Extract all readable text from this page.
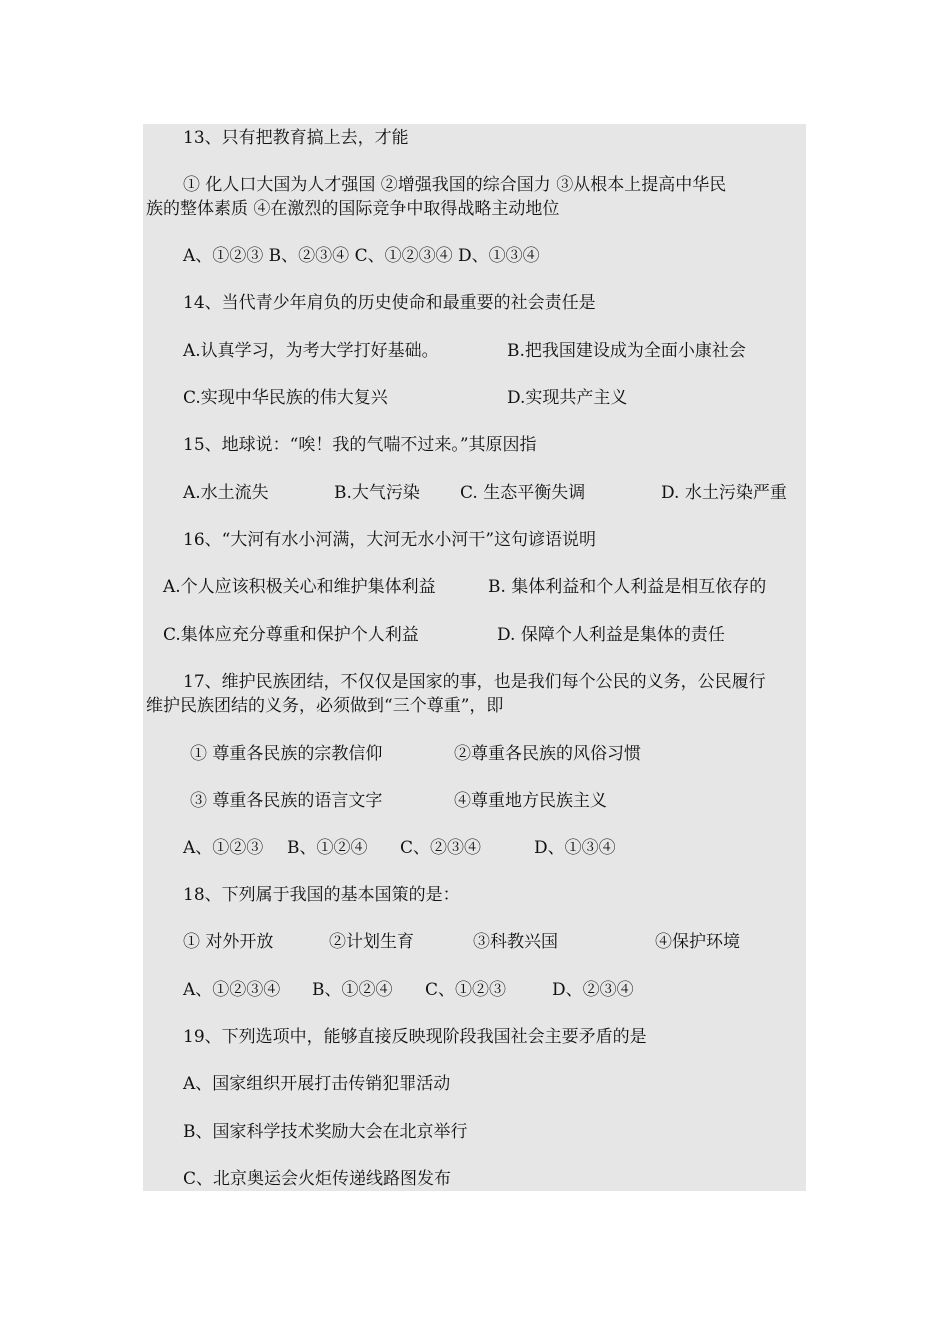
13、只有把教育搞上去，才能
① 化人口大国为人才强国 ②增强我国的综合国力 ③从根本上提高中华民
族的整体素质 ④在激烈的国际竞争中取得战略主动地位
A、①②③ B、②③④ C、①②③④ D、①③④
14、当代青少年肩负的历史使命和最重要的社会责任是
A.认真学习，为考大学打好基础。	B.把我国建设成为全面小康社会
C.实现中华民族的伟大复兴	D.实现共产主义
15、地球说：“唉！我的气喘不过来。”其原因指
A.水土流失	B.大气污染 C. 生态平衡失调	D. 水土污染严重
16、“大河有水小河满，大河无水小河干”这句谚语说明
A.个人应该积极关心和维护集体利益	B. 集体利益和个人利益是相互依存的
C.集体应充分尊重和保护个人利益	D. 保障个人利益是集体的责任
17、维护民族团结，不仅仅是国家的事，也是我们每个公民的义务，公民履行
维护民族团结的义务，必须做到“三个尊重”，即
① 尊重各民族的宗教信仰	②尊重各民族的风俗习惯
③ 尊重各民族的语言文字	④尊重地方民族主义
A、①②③ B、①②④ C、②③④	D、①③④
18、下列属于我国的基本国策的是：
① 对外开放	②计划生育	③科教兴国	④保护环境
A、①②③④ B、①②④ C、①②③	D、②③④
19、下列选项中，能够直接反映现阶段我国社会主要矛盾的是
A、国家组织开展打击传销犯罪活动
B、国家科学技术奖励大会在北京举行
C、北京奥运会火炬传递线路图发布
